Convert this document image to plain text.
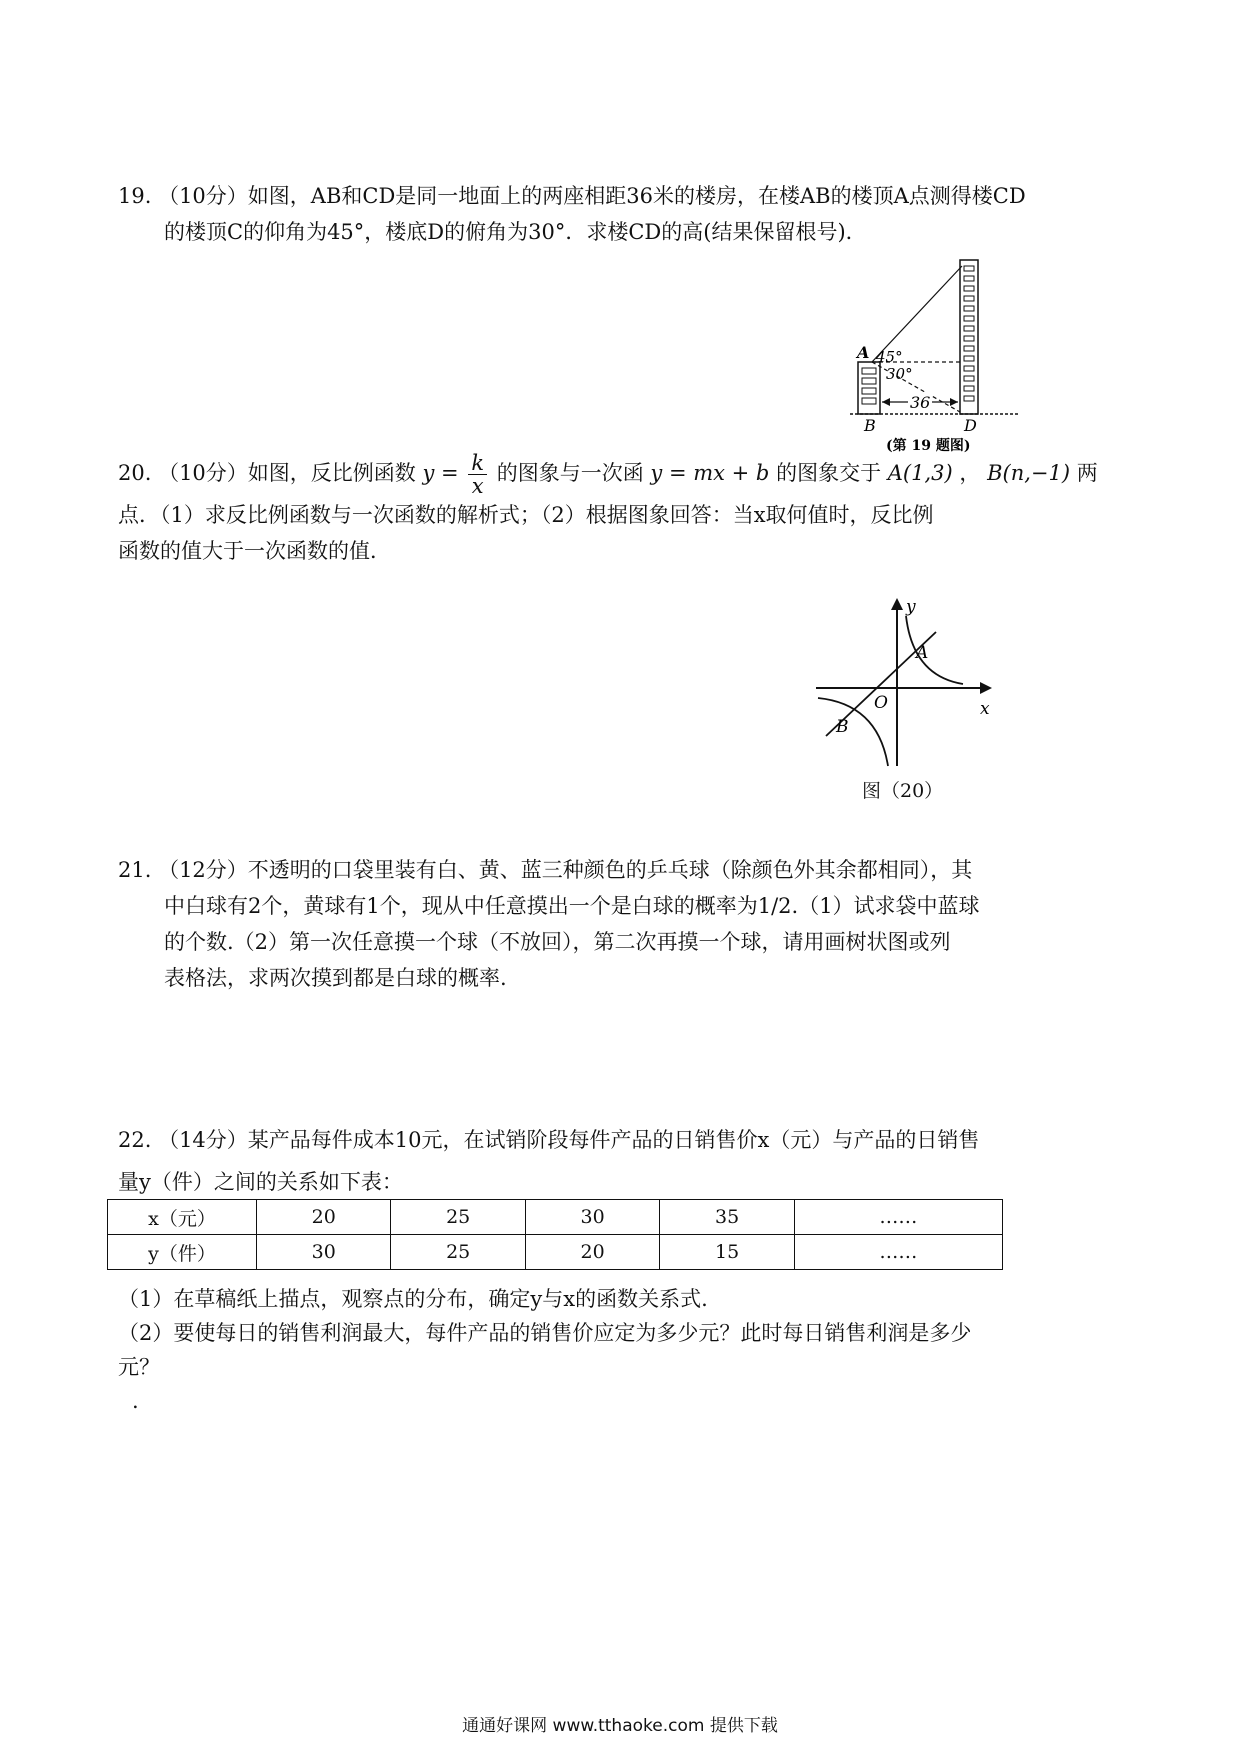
19. （10分）如图，AB和CD是同一地面上的两座相距36米的楼房，在楼AB的楼顶A点测得楼CD
的楼顶C的仰角为45°，楼底D的俯角为30°．求楼CD的高(结果保留根号)．
36
45°
30°
A
B	D
(第 19 题图)
20. （10分）如图，反比例函数 $y = \frac{k}{x}$ 的图象与一次函 y = mx + b 的图象交于 A(1,3) ， B(n,−1) 两
点．（1）求反比例函数与一次函数的解析式；（2）根据图象回答：当x取何值时，反比例
函数的值大于一次函数的值．
y
x
O
A
B
图（20）
21. （12分）不透明的口袋里装有白、黄、蓝三种颜色的乒乓球（除颜色外其余都相同），其
中白球有2个，黄球有1个，现从中任意摸出一个是白球的概率为1/2.（1）试求袋中蓝球
的个数.（2）第一次任意摸一个球（不放回），第二次再摸一个球，请用画树状图或列
表格法，求两次摸到都是白球的概率.
22. （14分）某产品每件成本10元，在试销阶段每件产品的日销售价x（元）与产品的日销售
量y（件）之间的关系如下表：
x（元）	20	25	30	35	……
y（件）	30	25	20	15	……
（1）在草稿纸上描点，观察点的分布，确定y与x的函数关系式.
（2）要使每日的销售利润最大，每件产品的销售价应定为多少元？此时每日销售利润是多少
元？
.
通通好课网 www.tthaoke.com 提供下载
